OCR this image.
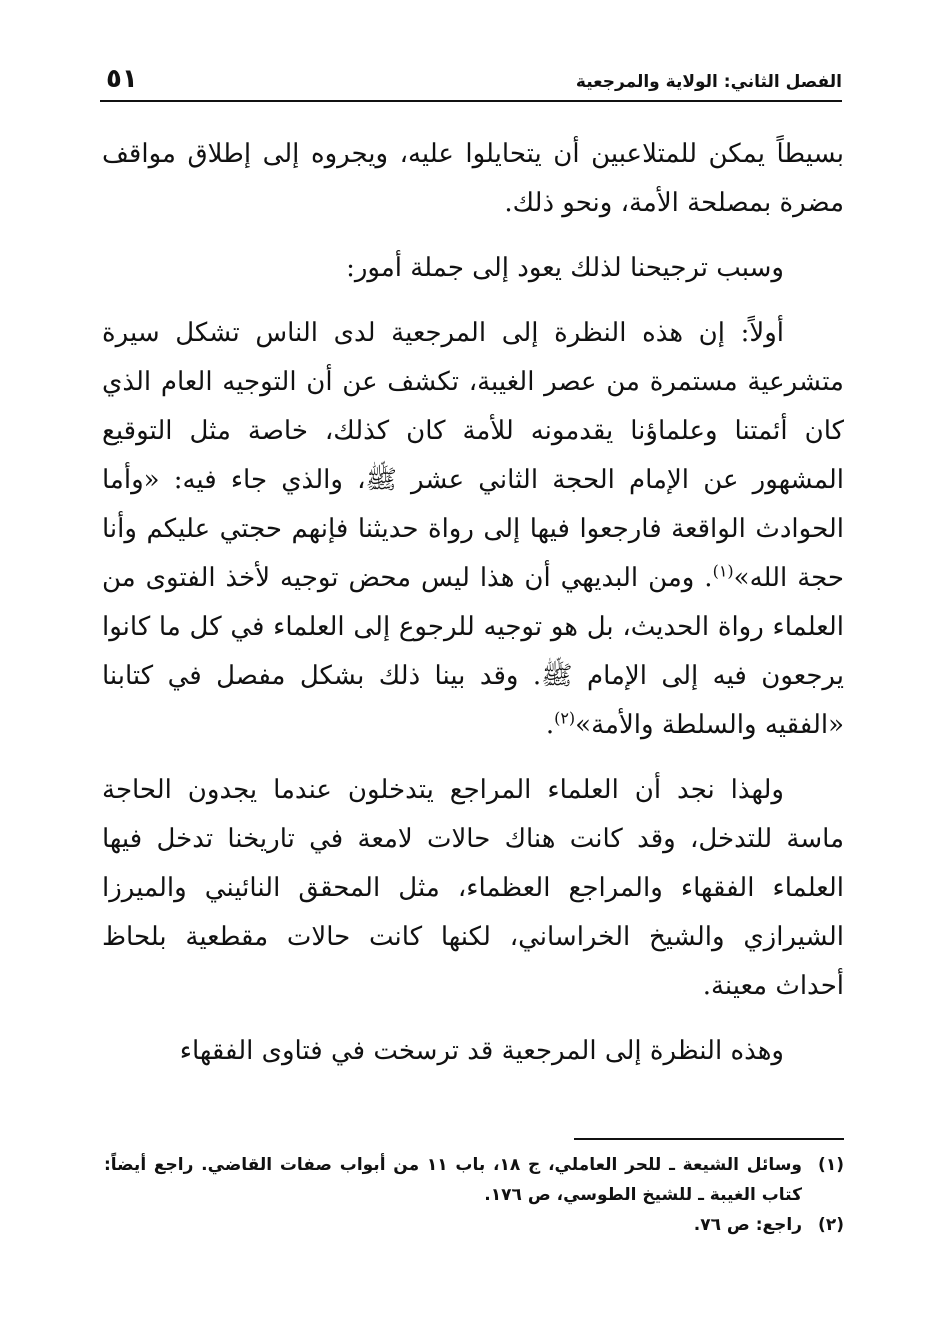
الفصل الثاني: الولاية والمرجعية
٥١

بسيطاً يمكن للمتلاعبين أن يتحايلوا عليه، ويجروه إلى إطلاق مواقف مضرة بمصلحة الأمة، ونحو ذلك.

وسبب ترجيحنا لذلك يعود إلى جملة أمور:

أولاً: إن هذه النظرة إلى المرجعية لدى الناس تشكل سيرة متشرعية مستمرة من عصر الغيبة، تكشف عن أن التوجيه العام الذي كان أئمتنا وعلماؤنا يقدمونه للأمة كان كذلك، خاصة مثل التوقيع المشهور عن الإمام الحجة الثاني عشر ﷺ، والذي جاء فيه: «وأما الحوادث الواقعة فارجعوا فيها إلى رواة حديثنا فإنهم حجتي عليكم وأنا حجة الله»$^{(١)}$. ومن البديهي أن هذا ليس محض توجيه لأخذ الفتوى من العلماء رواة الحديث، بل هو توجيه للرجوع إلى العلماء في كل ما كانوا يرجعون فيه إلى الإمام ﷺ. وقد بينا ذلك بشكل مفصل في كتابنا «الفقيه والسلطة والأمة»$^{(٢)}$.

ولهذا نجد أن العلماء المراجع يتدخلون عندما يجدون الحاجة ماسة للتدخل، وقد كانت هناك حالات لامعة في تاريخنا تدخل فيها العلماء الفقهاء والمراجع العظماء، مثل المحقق النائيني والميرزا الشيرازي والشيخ الخراساني، لكنها كانت حالات مقطعية بلحاظ أحداث معينة.

وهذه النظرة إلى المرجعية قد ترسخت في فتاوى الفقهاء

(١)
وسائل الشيعة ـ للحر العاملي، ج ١٨، باب ١١ من أبواب صفات القاضي. راجع أيضاً: كتاب الغيبة ـ للشيخ الطوسي، ص ١٧٦.

(٢)
راجع: ص ٧٦.
